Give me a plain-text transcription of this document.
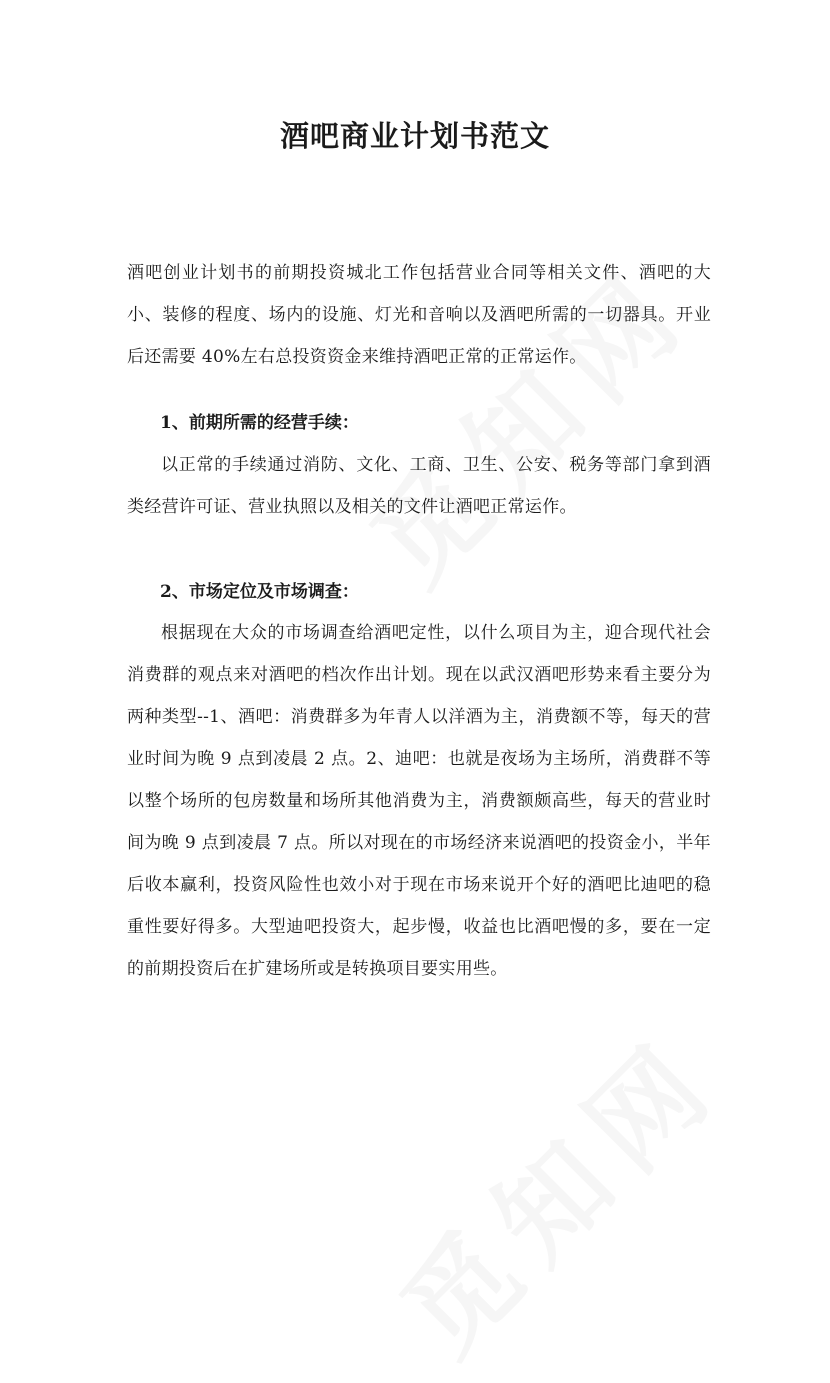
酒吧商业计划书范文
酒吧创业计划书的前期投资城北工作包括营业合同等相关文件、酒吧的大小、装修的程度、场内的设施、灯光和音响以及酒吧所需的一切器具。开业后还需要 40%左右总投资资金来维持酒吧正常的正常运作。
1、前期所需的经营手续：
以正常的手续通过消防、文化、工商、卫生、公安、税务等部门拿到酒类经营许可证、营业执照以及相关的文件让酒吧正常运作。
2、市场定位及市场调查：
根据现在大众的市场调查给酒吧定性，以什么项目为主，迎合现代社会消费群的观点来对酒吧的档次作出计划。现在以武汉酒吧形势来看主要分为两种类型--1、酒吧：消费群多为年青人以洋酒为主，消费额不等，每天的营业时间为晚 9 点到凌晨 2 点。2、迪吧：也就是夜场为主场所，消费群不等以整个场所的包房数量和场所其他消费为主，消费额颇高些，每天的营业时间为晚 9 点到凌晨 7 点。所以对现在的市场经济来说酒吧的投资金小，半年后收本赢利，投资风险性也效小对于现在市场来说开个好的酒吧比迪吧的稳重性要好得多。大型迪吧投资大，起步慢，收益也比酒吧慢的多，要在一定的前期投资后在扩建场所或是转换项目要实用些。
